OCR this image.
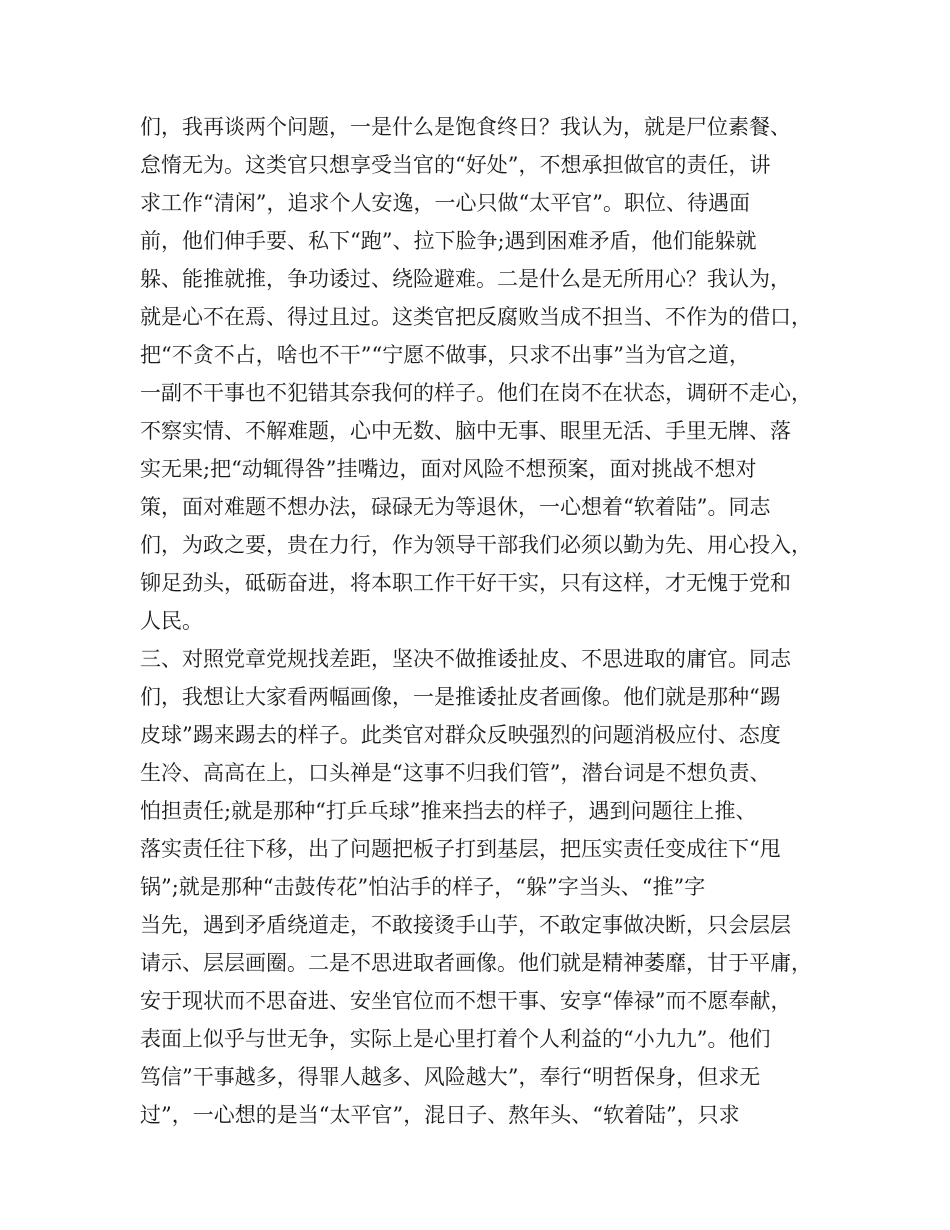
们，我再谈两个问题，一是什么是饱食终日？我认为，就是尸位素餐、
怠惰无为。这类官只想享受当官的“好处”，不想承担做官的责任，讲
求工作“清闲”，追求个人安逸，一心只做“太平官”。职位、待遇面
前，他们伸手要、私下“跑”、拉下脸争;遇到困难矛盾，他们能躲就
躲、能推就推，争功诿过、绕险避难。二是什么是无所用心？我认为，
就是心不在焉、得过且过。这类官把反腐败当成不担当、不作为的借口，
把“不贪不占，啥也不干”“宁愿不做事，只求不出事”当为官之道，
一副不干事也不犯错其奈我何的样子。他们在岗不在状态，调研不走心，
不察实情、不解难题，心中无数、脑中无事、眼里无活、手里无牌、落
实无果;把“动辄得咎”挂嘴边，面对风险不想预案，面对挑战不想对
策，面对难题不想办法，碌碌无为等退休，一心想着“软着陆”。同志
们，为政之要，贵在力行，作为领导干部我们必须以勤为先、用心投入，
铆足劲头，砥砺奋进，将本职工作干好干实，只有这样，才无愧于党和
人民。
三、对照党章党规找差距，坚决不做推诿扯皮、不思进取的庸官。同志
们，我想让大家看两幅画像，一是推诿扯皮者画像。他们就是那种“踢
皮球”踢来踢去的样子。此类官对群众反映强烈的问题消极应付、态度
生冷、高高在上，口头禅是“这事不归我们管”，潜台词是不想负责、
怕担责任;就是那种“打乒乓球”推来挡去的样子，遇到问题往上推、
落实责任往下移，出了问题把板子打到基层，把压实责任变成往下“甩
锅”;就是那种“击鼓传花”怕沾手的样子，“躲”字当头、“推”字
当先，遇到矛盾绕道走，不敢接烫手山芋，不敢定事做决断，只会层层
请示、层层画圈。二是不思进取者画像。他们就是精神萎靡，甘于平庸，
安于现状而不思奋进、安坐官位而不想干事、安享“俸禄”而不愿奉献，
表面上似乎与世无争，实际上是心里打着个人利益的“小九九”。他们
笃信”干事越多，得罪人越多、风险越大”，奉行“明哲保身，但求无
过”，一心想的是当“太平官”，混日子、熬年头、“软着陆”，只求
